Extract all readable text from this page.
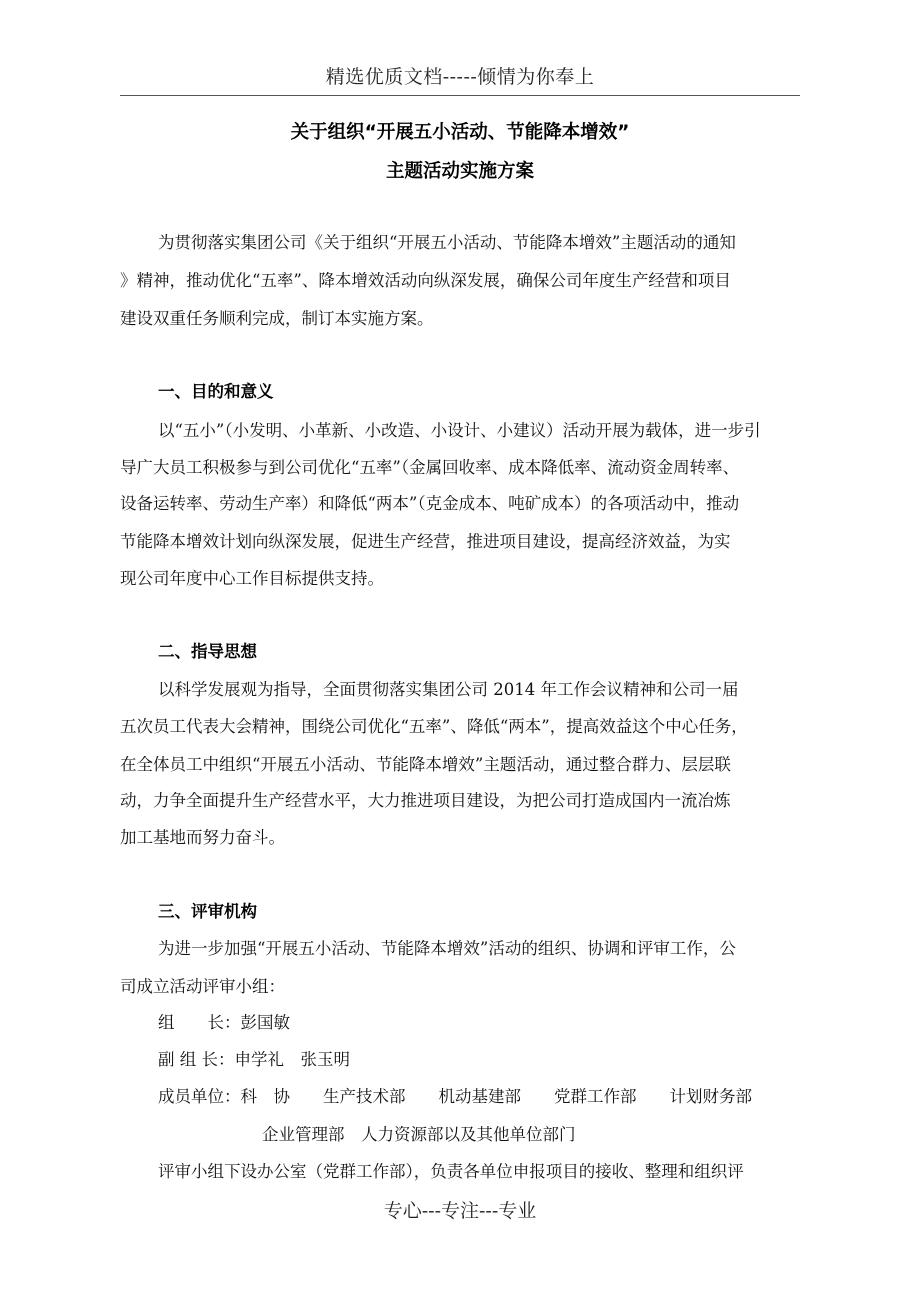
精选优质文档-----倾情为你奉上
关于组织“开展五小活动、节能降本增效”
主题活动实施方案
为贯彻落实集团公司《关于组织“开展五小活动、节能降本增效”主题活动的通知
》精神，推动优化“五率”、降本增效活动向纵深发展，确保公司年度生产经营和项目
建设双重任务顺利完成，制订本实施方案。
一、目的和意义
以“五小”（小发明、小革新、小改造、小设计、小建议）活动开展为载体，进一步引
导广大员工积极参与到公司优化“五率”（金属回收率、成本降低率、流动资金周转率、
设备运转率、劳动生产率）和降低“两本”（克金成本、吨矿成本）的各项活动中，推动
节能降本增效计划向纵深发展，促进生产经营，推进项目建设，提高经济效益，为实
现公司年度中心工作目标提供支持。
二、指导思想
以科学发展观为指导，全面贯彻落实集团公司 2014 年工作会议精神和公司一届
五次员工代表大会精神，围绕公司优化“五率”、降低“两本”，提高效益这个中心任务，
在全体员工中组织“开展五小活动、节能降本增效”主题活动，通过整合群力、层层联
动，力争全面提升生产经营水平，大力推进项目建设，为把公司打造成国内一流冶炼
加工基地而努力奋斗。
三、评审机构
为进一步加强“开展五小活动、节能降本增效”活动的组织、协调和评审工作，公
司成立活动评审小组：
组　　长：彭国敏
副 组 长：申学礼　张玉明
成员单位：科　协　　生产技术部　　机动基建部　　党群工作部　　计划财务部
企业管理部　人力资源部以及其他单位部门
评审小组下设办公室（党群工作部），负责各单位申报项目的接收、整理和组织评
专心---专注---专业
